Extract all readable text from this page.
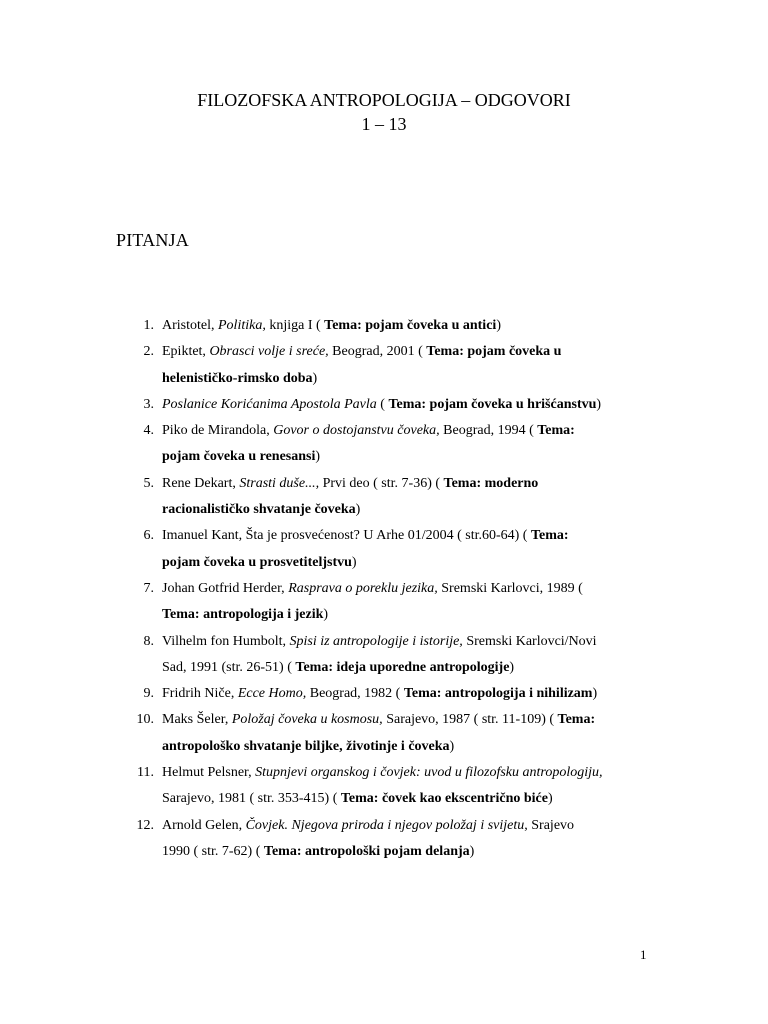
FILOZOFSKA ANTROPOLOGIJA – ODGOVORI
1 – 13
PITANJA
1. Aristotel, Politika, knjiga I ( Tema: pojam čoveka u antici)
2. Epiktet, Obrasci volje i sreće, Beograd, 2001 ( Tema: pojam čoveka u
helenističko-rimsko doba)
3. Poslanice Korićanima Apostola Pavla ( Tema: pojam čoveka u hrišćanstvu)
4. Piko de Mirandola, Govor o dostojanstvu čoveka, Beograd, 1994 ( Tema:
pojam čoveka u renesansi)
5. Rene Dekart, Strasti duše..., Prvi deo ( str. 7-36) ( Tema: moderno
racionalističko shvatanje čoveka)
6. Imanuel Kant, Šta je prosvećenost? U Arhe 01/2004 ( str.60-64) ( Tema:
pojam čoveka u prosvetiteljstvu)
7. Johan Gotfrid Herder, Rasprava o poreklu jezika, Sremski Karlovci, 1989 (
Tema: antropologija i jezik)
8. Vilhelm fon Humbolt, Spisi iz antropologije i istorije, Sremski Karlovci/Novi
Sad, 1991 (str. 26-51) ( Tema: ideja uporedne antropologije)
9. Fridrih Niče, Ecce Homo, Beograd, 1982 ( Tema: antropologija i nihilizam)
10. Maks Šeler, Položaj čoveka u kosmosu, Sarajevo, 1987 ( str. 11-109) ( Tema:
antropološko shvatanje biljke, životinje i čoveka)
11. Helmut Pelsner, Stupnjevi organskog i čovjek: uvod u filozofsku antropologiju,
Sarajevo, 1981 ( str. 353-415) ( Tema: čovek kao ekscentrično biće)
12. Arnold Gelen, Čovjek. Njegova priroda i njegov položaj i svijetu, Srajevo
1990 ( str. 7-62) ( Tema: antropološki pojam delanja)
1
